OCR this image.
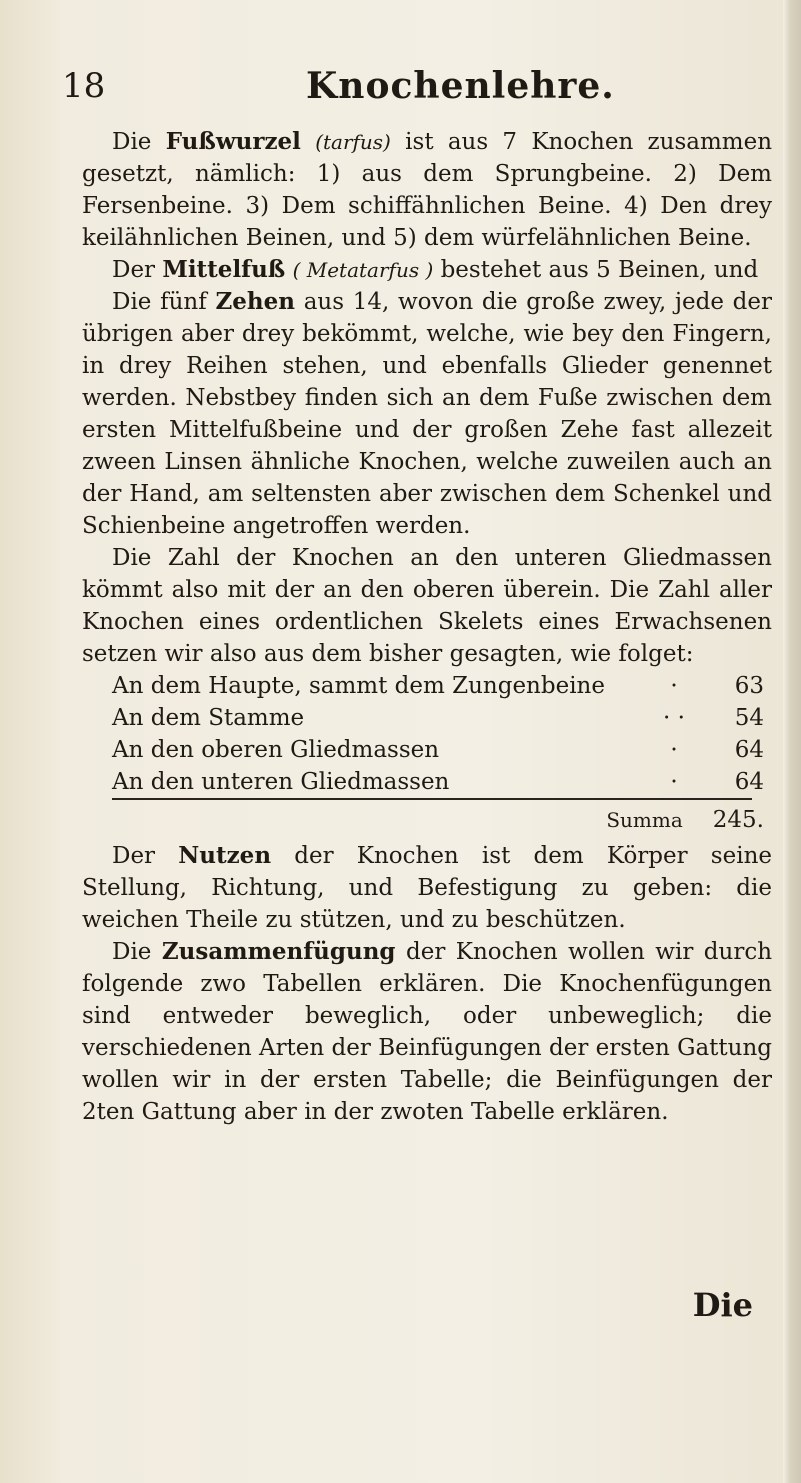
18	Knochenlehre.

Die Fußwurzel (tarfus) ist aus 7 Knochen zusammen gesetzt, nämlich: 1) aus dem Sprungbeine. 2) Dem Fersenbeine. 3) Dem schiffähnlichen Beine. 4) Den drey keilähnlichen Beinen, und 5) dem würfelähnlichen Beine.

Der Mittelfuß ( Metatarfus ) bestehet aus 5 Beinen, und

Die fünf Zehen aus 14, wovon die große zwey, jede der übrigen aber drey bekömmt, welche, wie bey den Fingern, in drey Reihen stehen, und ebenfalls Glieder genennet werden. Nebstbey finden sich an dem Fuße zwischen dem ersten Mittelfußbeine und der großen Zehe fast allezeit zween Linsen ähnliche Knochen, welche zuweilen auch an der Hand, am seltensten aber zwischen dem Schenkel und Schienbeine angetroffen werden.

Die Zahl der Knochen an den unteren Gliedmassen kömmt also mit der an den oberen überein. Die Zahl aller Knochen eines ordentlichen Skelets eines Erwachsenen setzen wir also aus dem bisher gesagten, wie folget:

An dem Haupte, sammt dem Zungenbeine	·	63
An dem Stamme	· ·	54
An den oberen Gliedmassen	·	64
An den unteren Gliedmassen	·	64
Summa 245.

Der Nutzen der Knochen ist dem Körper seine Stellung, Richtung, und Befestigung zu geben: die weichen Theile zu stützen, und zu beschützen.

Die Zusammenfügung der Knochen wollen wir durch folgende zwo Tabellen erklären. Die Knochenfügungen sind entweder beweglich, oder unbeweglich; die verschiedenen Arten der Beinfügungen der ersten Gattung wollen wir in der ersten Tabelle; die Beinfügungen der 2ten Gattung aber in der zwoten Tabelle erklären.

Die
